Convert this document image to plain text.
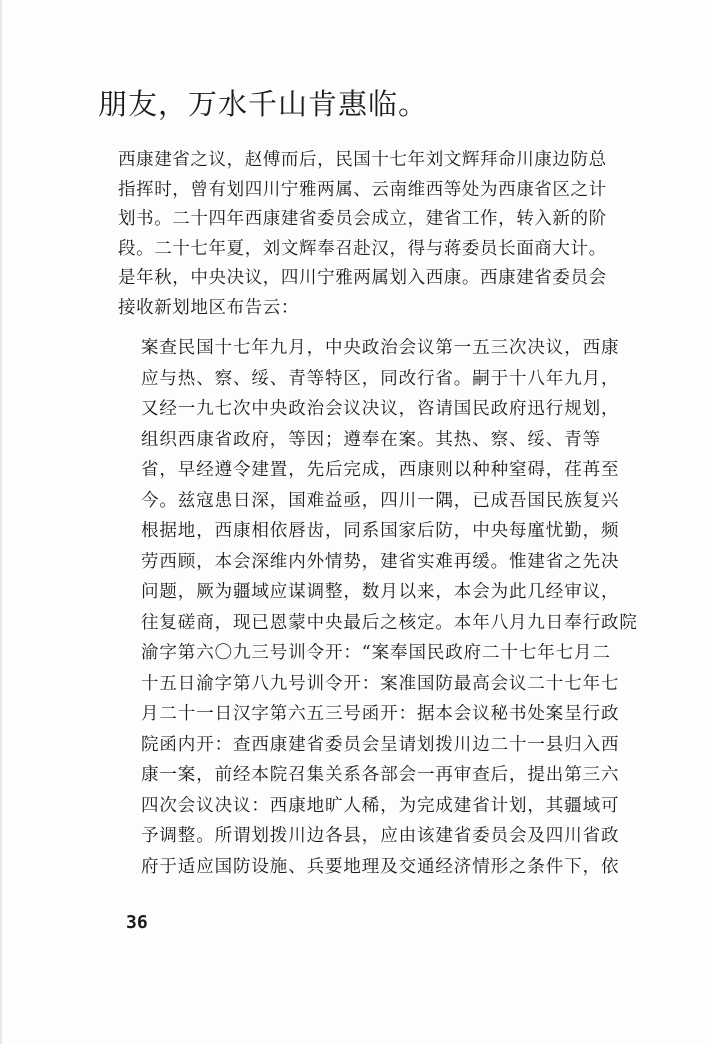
朋友，万水千山肯惠临。
西康建省之议，赵傅而后，民国十七年刘文辉拜命川康边防总
指挥时，曾有划四川宁雅两属、云南维西等处为西康省区之计
划书。二十四年西康建省委员会成立，建省工作，转入新的阶
段。二十七年夏，刘文辉奉召赴汉，得与蒋委员长面商大计。
是年秋，中央决议，四川宁雅两属划入西康。西康建省委员会
接收新划地区布告云：
案查民国十七年九月，中央政治会议第一五三次决议，西康
应与热、察、绥、青等特区，同改行省。嗣于十八年九月，
又经一九七次中央政治会议决议，咨请国民政府迅行规划，
组织西康省政府，等因；遵奉在案。其热、察、绥、青等
省，早经遵令建置，先后完成，西康则以种种窒碍，荏苒至
今。兹寇患日深，国难益亟，四川一隅，已成吾国民族复兴
根据地，西康相依唇齿，同系国家后防，中央每廑忧勤，频
劳西顾，本会深维内外情势，建省实难再缓。惟建省之先决
问题，厥为疆域应谋调整，数月以来，本会为此几经审议，
往复磋商，现已恩蒙中央最后之核定。本年八月九日奉行政院
渝字第六〇九三号训令开：“案奉国民政府二十七年七月二
十五日渝字第八九号训令开：案准国防最高会议二十七年七
月二十一日汉字第六五三号函开：据本会议秘书处案呈行政
院函内开：查西康建省委员会呈请划拨川边二十一县归入西
康一案，前经本院召集关系各部会一再审查后，提出第三六
四次会议决议：西康地旷人稀，为完成建省计划，其疆域可
予调整。所谓划拨川边各县，应由该建省委员会及四川省政
府于适应国防设施、兵要地理及交通经济情形之条件下，依
36
